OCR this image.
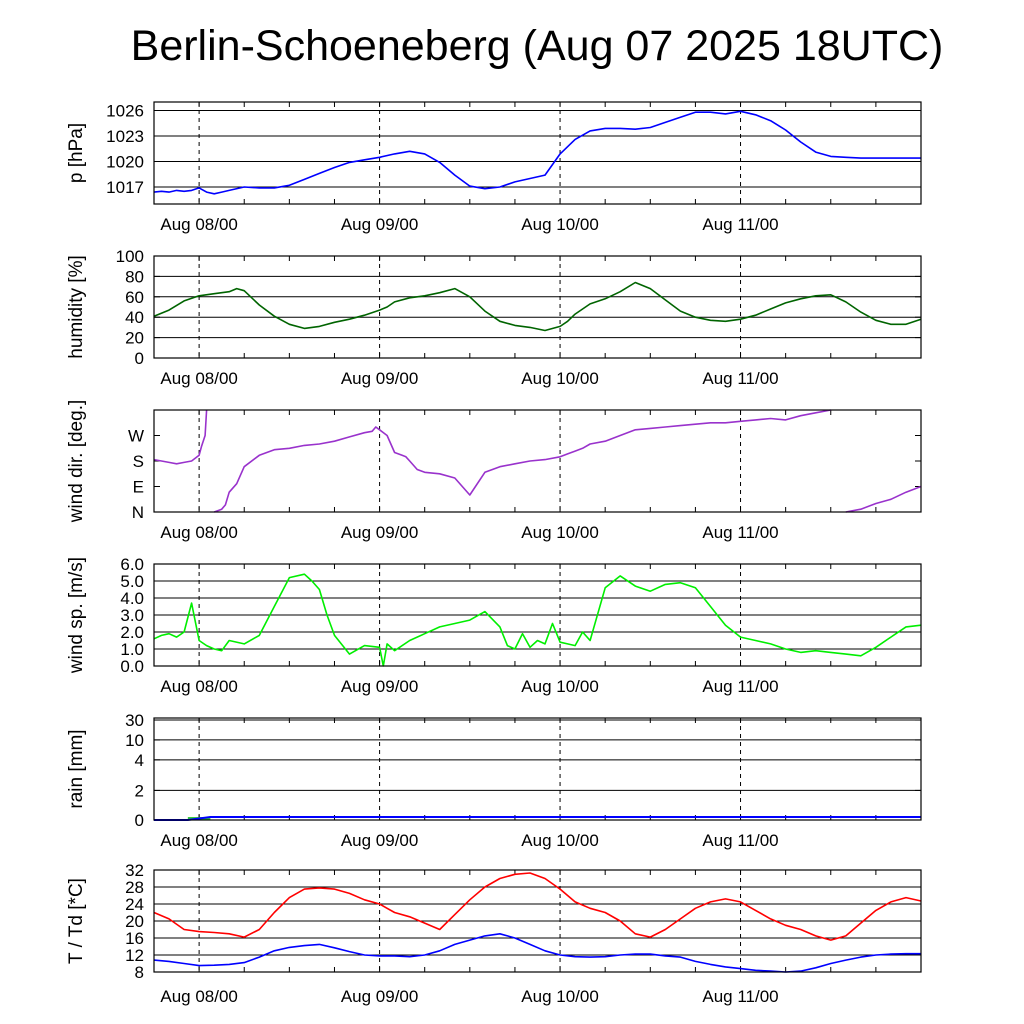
Berlin-Schoeneberg (Aug 07 2025 18UTC)
1017
1020
1023
1026
p [hPa]
Aug 08/00	Aug 09/00	Aug 10/00	Aug 11/00
0
20
40
60
80
100
humidity [%]
Aug 08/00	Aug 09/00	Aug 10/00	Aug 11/00
N
E
S
W
wind dir. [deg.]
Aug 08/00	Aug 09/00	Aug 10/00	Aug 11/00
0.0
1.0
2.0
3.0
4.0
5.0
6.0
wind sp. [m/s]
Aug 08/00	Aug 09/00	Aug 10/00	Aug 11/00
0
2
4
10
30
rain [mm]
Aug 08/00	Aug 09/00	Aug 10/00	Aug 11/00
8
12
16
20
24
28
32
T / Td [*C]
Aug 08/00	Aug 09/00	Aug 10/00	Aug 11/00
